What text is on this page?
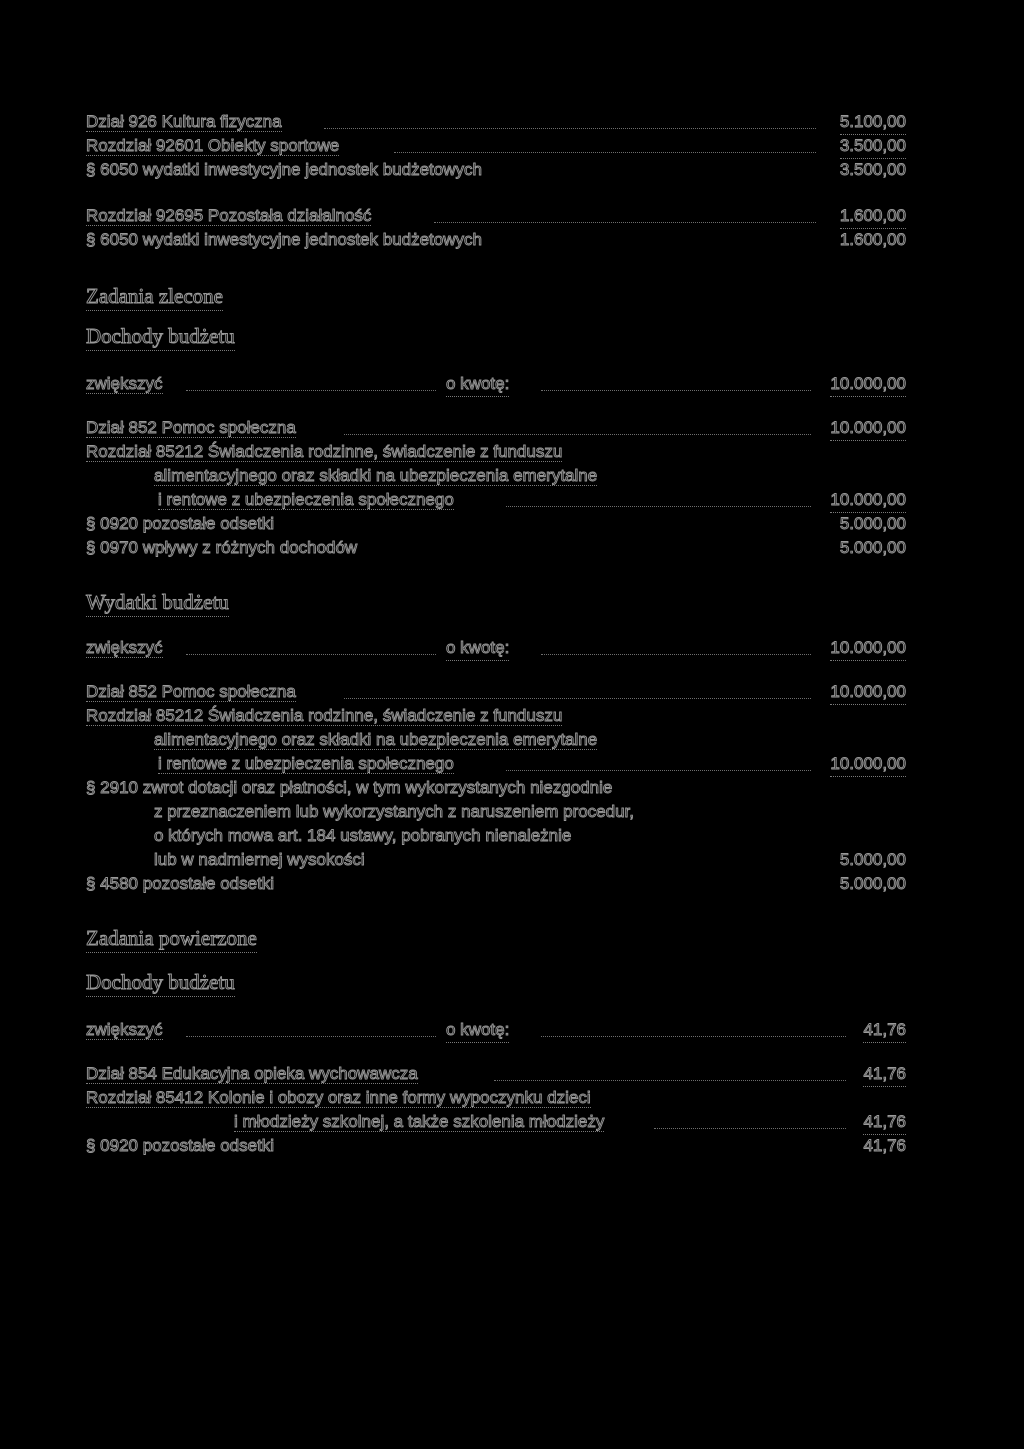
Dział 926 Kultura fizyczna	5.100,00
Rozdział 92601 Obiekty sportowe	3.500,00
§ 6050 wydatki inwestycyjne jednostek budżetowych	3.500,00
Rozdział 92695 Pozostała działalność	1.600,00
§ 6050 wydatki inwestycyjne jednostek budżetowych	1.600,00
Zadania zlecone
Dochody budżetu
zwiększyć	o kwotę:	10.000,00
Dział 852 Pomoc społeczna	10.000,00
Rozdział 85212 Świadczenia rodzinne, świadczenie z funduszu
alimentacyjnego oraz składki na ubezpieczenia emerytalne
i rentowe z ubezpieczenia społecznego	10.000,00
§ 0920 pozostałe odsetki	5.000,00
§ 0970 wpływy z różnych dochodów	5.000,00
Wydatki budżetu
zwiększyć	o kwotę:	10.000,00
Dział 852 Pomoc społeczna	10.000,00
Rozdział 85212 Świadczenia rodzinne, świadczenie z funduszu
alimentacyjnego oraz składki na ubezpieczenia emerytalne
i rentowe z ubezpieczenia społecznego	10.000,00
§ 2910 zwrot dotacji oraz płatności, w tym wykorzystanych niezgodnie
z przeznaczeniem lub wykorzystanych z naruszeniem procedur,
o których mowa art. 184 ustawy, pobranych nienależnie
lub w nadmiernej wysokości	5.000,00
§ 4580 pozostałe odsetki	5.000,00
Zadania powierzone
Dochody budżetu
zwiększyć	o kwotę:	41,76
Dział 854 Edukacyjna opieka wychowawcza	41,76
Rozdział 85412 Kolonie i obozy oraz inne formy wypoczynku dzieci
i młodzieży szkolnej, a także szkolenia młodzieży	41,76
§ 0920 pozostałe odsetki	41,76
